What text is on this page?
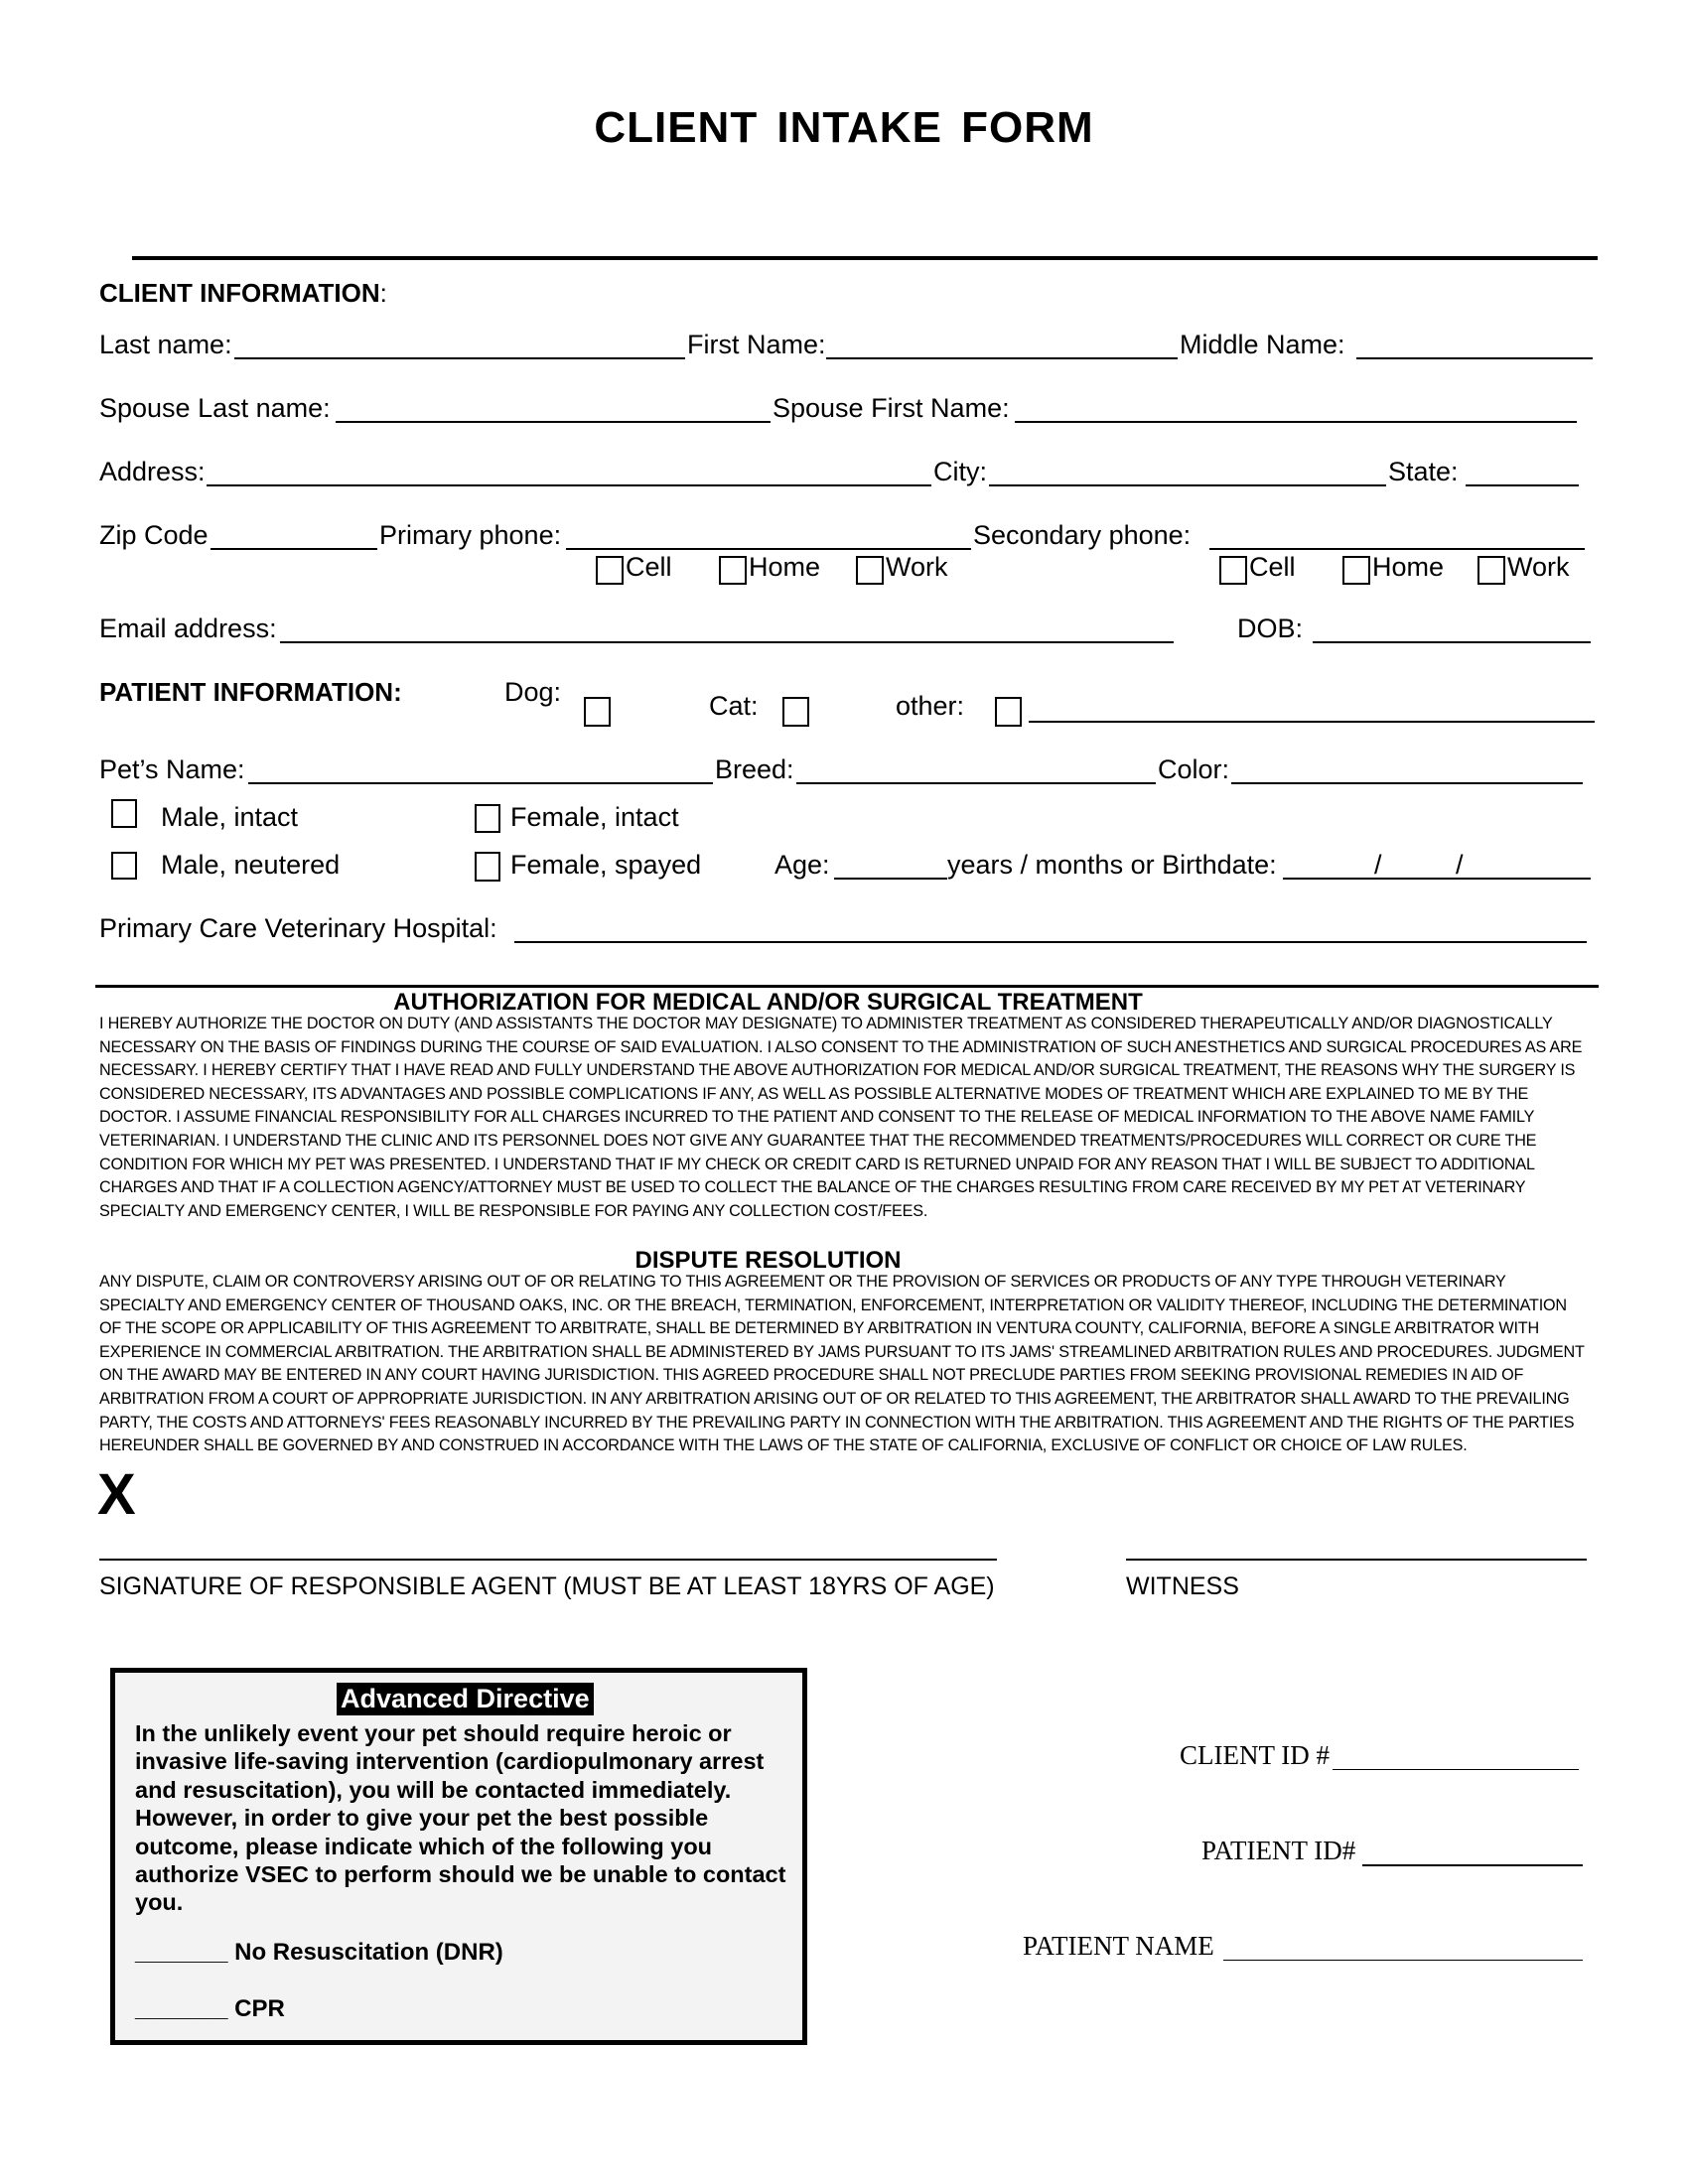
CLIENT INTAKE FORM
CLIENT INFORMATION:
Last name:	First Name:	Middle Name:
Spouse Last name:	Spouse First Name:
Address:	City:	State:
Zip Code	Primary phone:	Secondary phone:
Cell	Home Work	Cell	Home Work
Email address:	DOB:
PATIENT INFORMATION:	Dog:	Cat:	other:
Pet’s Name:	Breed:	Color:
Male, intact	Female, intact
Male, neutered	Female, spayed	Age:	years / months or Birthdate:	/	/
Primary Care Veterinary Hospital:
AUTHORIZATION FOR MEDICAL AND/OR SURGICAL TREATMENT
I HEREBY AUTHORIZE THE DOCTOR ON DUTY (AND ASSISTANTS THE DOCTOR MAY DESIGNATE) TO ADMINISTER TREATMENT AS CONSIDERED THERAPEUTICALLY AND/OR DIAGNOSTICALLY NECESSARY ON THE BASIS OF FINDINGS DURING THE COURSE OF SAID EVALUATION. I ALSO CONSENT TO THE ADMINISTRATION OF SUCH ANESTHETICS AND SURGICAL PROCEDURES AS ARE NECESSARY. I HEREBY CERTIFY THAT I HAVE READ AND FULLY UNDERSTAND THE ABOVE AUTHORIZATION FOR MEDICAL AND/OR SURGICAL TREATMENT, THE REASONS WHY THE SURGERY IS CONSIDERED NECESSARY, ITS ADVANTAGES AND POSSIBLE COMPLICATIONS IF ANY, AS WELL AS POSSIBLE ALTERNATIVE MODES OF TREATMENT WHICH ARE EXPLAINED TO ME BY THE DOCTOR. I ASSUME FINANCIAL RESPONSIBILITY FOR ALL CHARGES INCURRED TO THE PATIENT AND CONSENT TO THE RELEASE OF MEDICAL INFORMATION TO THE ABOVE NAME FAMILY VETERINARIAN. I UNDERSTAND THE CLINIC AND ITS PERSONNEL DOES NOT GIVE ANY GUARANTEE THAT THE RECOMMENDED TREATMENTS/PROCEDURES WILL CORRECT OR CURE THE CONDITION FOR WHICH MY PET WAS PRESENTED. I UNDERSTAND THAT IF MY CHECK OR CREDIT CARD IS RETURNED UNPAID FOR ANY REASON THAT I WILL BE SUBJECT TO ADDITIONAL CHARGES AND THAT IF A COLLECTION AGENCY/ATTORNEY MUST BE USED TO COLLECT THE BALANCE OF THE CHARGES RESULTING FROM CARE RECEIVED BY MY PET AT VETERINARY SPECIALTY AND EMERGENCY CENTER, I WILL BE RESPONSIBLE FOR PAYING ANY COLLECTION COST/FEES.
DISPUTE RESOLUTION
ANY DISPUTE, CLAIM OR CONTROVERSY ARISING OUT OF OR RELATING TO THIS AGREEMENT OR THE PROVISION OF SERVICES OR PRODUCTS OF ANY TYPE THROUGH VETERINARY SPECIALTY AND EMERGENCY CENTER OF THOUSAND OAKS, INC. OR THE BREACH, TERMINATION, ENFORCEMENT, INTERPRETATION OR VALIDITY THEREOF, INCLUDING THE DETERMINATION OF THE SCOPE OR APPLICABILITY OF THIS AGREEMENT TO ARBITRATE, SHALL BE DETERMINED BY ARBITRATION IN VENTURA COUNTY, CALIFORNIA, BEFORE A SINGLE ARBITRATOR WITH EXPERIENCE IN COMMERCIAL ARBITRATION. THE ARBITRATION SHALL BE ADMINISTERED BY JAMS PURSUANT TO ITS JAMS' STREAMLINED ARBITRATION RULES AND PROCEDURES. JUDGMENT ON THE AWARD MAY BE ENTERED IN ANY COURT HAVING JURISDICTION. THIS AGREED PROCEDURE SHALL NOT PRECLUDE PARTIES FROM SEEKING PROVISIONAL REMEDIES IN AID OF ARBITRATION FROM A COURT OF APPROPRIATE JURISDICTION. IN ANY ARBITRATION ARISING OUT OF OR RELATED TO THIS AGREEMENT, THE ARBITRATOR SHALL AWARD TO THE PREVAILING PARTY, THE COSTS AND ATTORNEYS' FEES REASONABLY INCURRED BY THE PREVAILING PARTY IN CONNECTION WITH THE ARBITRATION. THIS AGREEMENT AND THE RIGHTS OF THE PARTIES HEREUNDER SHALL BE GOVERNED BY AND CONSTRUED IN ACCORDANCE WITH THE LAWS OF THE STATE OF CALIFORNIA, EXCLUSIVE OF CONFLICT OR CHOICE OF LAW RULES.
X
SIGNATURE OF RESPONSIBLE AGENT (MUST BE AT LEAST 18YRS OF AGE)	WITNESS
Advanced Directive
In the unlikely event your pet should require heroic or invasive life-saving intervention (cardiopulmonary arrest and resuscitation), you will be contacted immediately. However, in order to give your pet the best possible outcome, please indicate which of the following you authorize VSEC to perform should we be unable to contact you.
_______ No Resuscitation (DNR)
_______ CPR
CLIENT ID #
PATIENT ID#
PATIENT NAME
